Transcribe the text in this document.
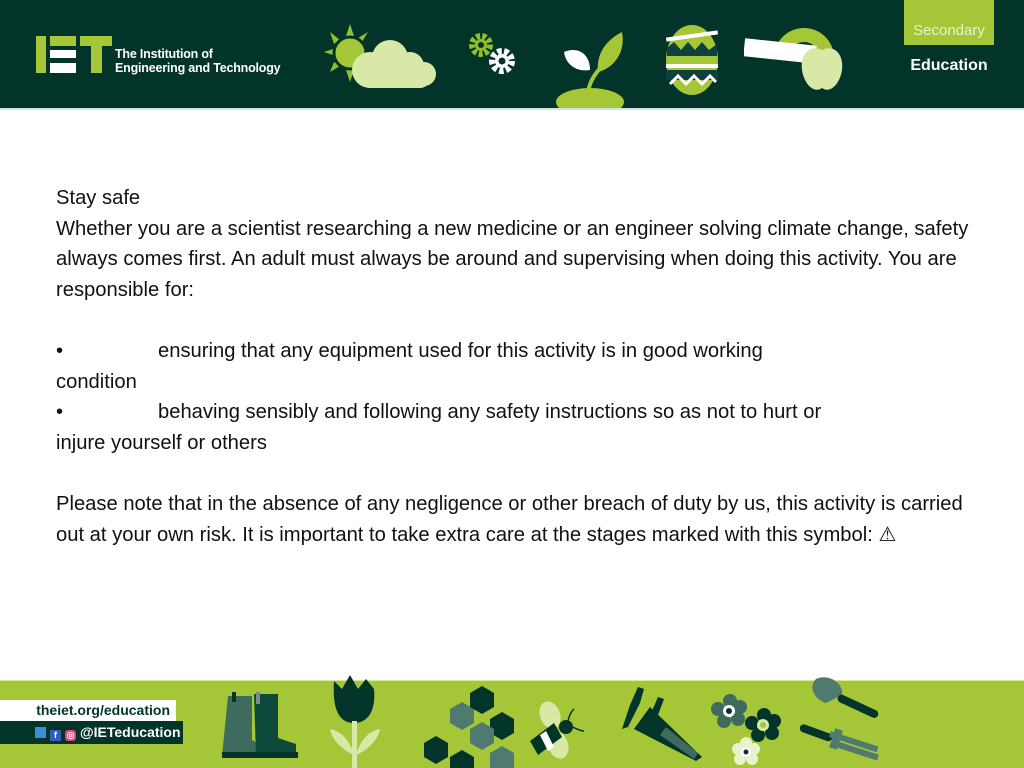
The Institution of
Engineering and Technology
Secondary
Education

Stay safe

Whether you are a scientist researching a new medicine or an engineer solving climate change, safety always comes first. An adult must always be around and supervising when doing this activity. You are responsible for:

•	ensuring that any equipment used for this activity is in good working

condition

•	behaving sensibly and following any safety instructions so as not to hurt or

injure yourself or others

Please note that in the absence of any negligence or other breach of duty by us, this activity is carried out at your own risk. It is important to take extra care at the stages marked with this symbol: ⚠

theiet.org/education
f ◎ @IETeducation
